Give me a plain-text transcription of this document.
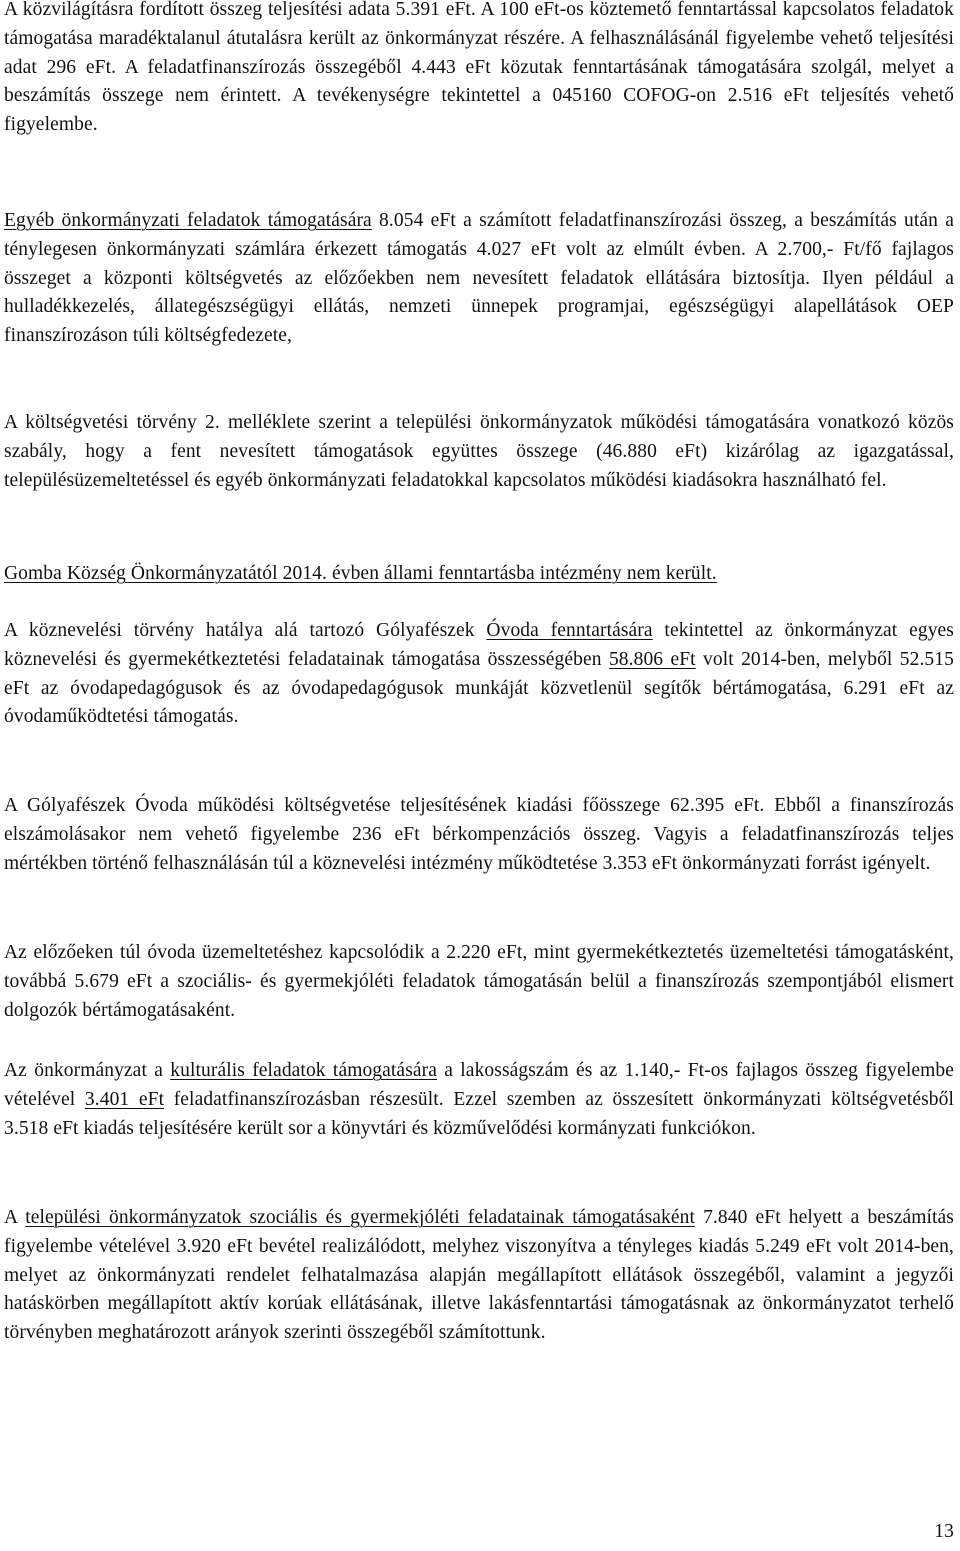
A közvilágításra fordított összeg teljesítési adata 5.391 eFt. A 100 eFt-os köztemető fenntartással kapcsolatos feladatok támogatása maradéktalanul átutalásra került az önkormányzat részére. A felhasználásánál figyelembe vehető teljesítési adat 296 eFt. A feladatfinanszírozás összegéből 4.443 eFt közutak fenntartásának támogatására szolgál, melyet a beszámítás összege nem érintett. A tevékenységre tekintettel a 045160 COFOG-on 2.516 eFt teljesítés vehető figyelembe.

Egyéb önkormányzati feladatok támogatására 8.054 eFt a számított feladatfinanszírozási összeg, a beszámítás után a ténylegesen önkormányzati számlára érkezett támogatás 4.027 eFt volt az elmúlt évben. A 2.700,- Ft/fő fajlagos összeget a központi költségvetés az előzőekben nem nevesített feladatok ellátására biztosítja. Ilyen például a hulladékkezelés, állategészségügyi ellátás, nemzeti ünnepek programjai, egészségügyi alapellátások OEP finanszírozáson túli költségfedezete,

A költségvetési törvény 2. melléklete szerint a települési önkormányzatok működési támogatására vonatkozó közös szabály, hogy a fent nevesített támogatások együttes összege (46.880 eFt) kizárólag az igazgatással, településüzemeltetéssel és egyéb önkormányzati feladatokkal kapcsolatos működési kiadásokra használható fel.

Gomba Község Önkormányzatától 2014. évben állami fenntartásba intézmény nem került.

A köznevelési törvény hatálya alá tartozó Gólyafészek Óvoda fenntartására tekintettel az önkormányzat egyes köznevelési és gyermekétkeztetési feladatainak támogatása összességében 58.806 eFt volt 2014-ben, melyből 52.515 eFt az óvodapedagógusok és az óvodapedagógusok munkáját közvetlenül segítők bértámogatása, 6.291 eFt az óvodaműködtetési támogatás.

A Gólyafészek Óvoda működési költségvetése teljesítésének kiadási főösszege 62.395 eFt. Ebből a finanszírozás elszámolásakor nem vehető figyelembe 236 eFt bérkompenzációs összeg. Vagyis a feladatfinanszírozás teljes mértékben történő felhasználásán túl a köznevelési intézmény működtetése 3.353 eFt önkormányzati forrást igényelt.

Az előzőeken túl óvoda üzemeltetéshez kapcsolódik a 2.220 eFt, mint gyermekétkeztetés üzemeltetési támogatásként, továbbá 5.679 eFt a szociális- és gyermekjóléti feladatok támogatásán belül a finanszírozás szempontjából elismert dolgozók bértámogatásaként.

Az önkormányzat a kulturális feladatok támogatására a lakosságszám és az 1.140,- Ft-os fajlagos összeg figyelembe vételével 3.401 eFt feladatfinanszírozásban részesült. Ezzel szemben az összesített önkormányzati költségvetésből 3.518 eFt kiadás teljesítésére került sor a könyvtári és közművelődési kormányzati funkciókon.

A települési önkormányzatok szociális és gyermekjóléti feladatainak támogatásaként 7.840 eFt helyett a beszámítás figyelembe vételével 3.920 eFt bevétel realizálódott, melyhez viszonyítva a tényleges kiadás 5.249 eFt volt 2014-ben, melyet az önkormányzati rendelet felhatalmazása alapján megállapított ellátások összegéből, valamint a jegyzői hatáskörben megállapított aktív korúak ellátásának, illetve lakásfenntartási támogatásnak az önkormányzatot terhelő törvényben meghatározott arányok szerinti összegéből számítottunk.

13
